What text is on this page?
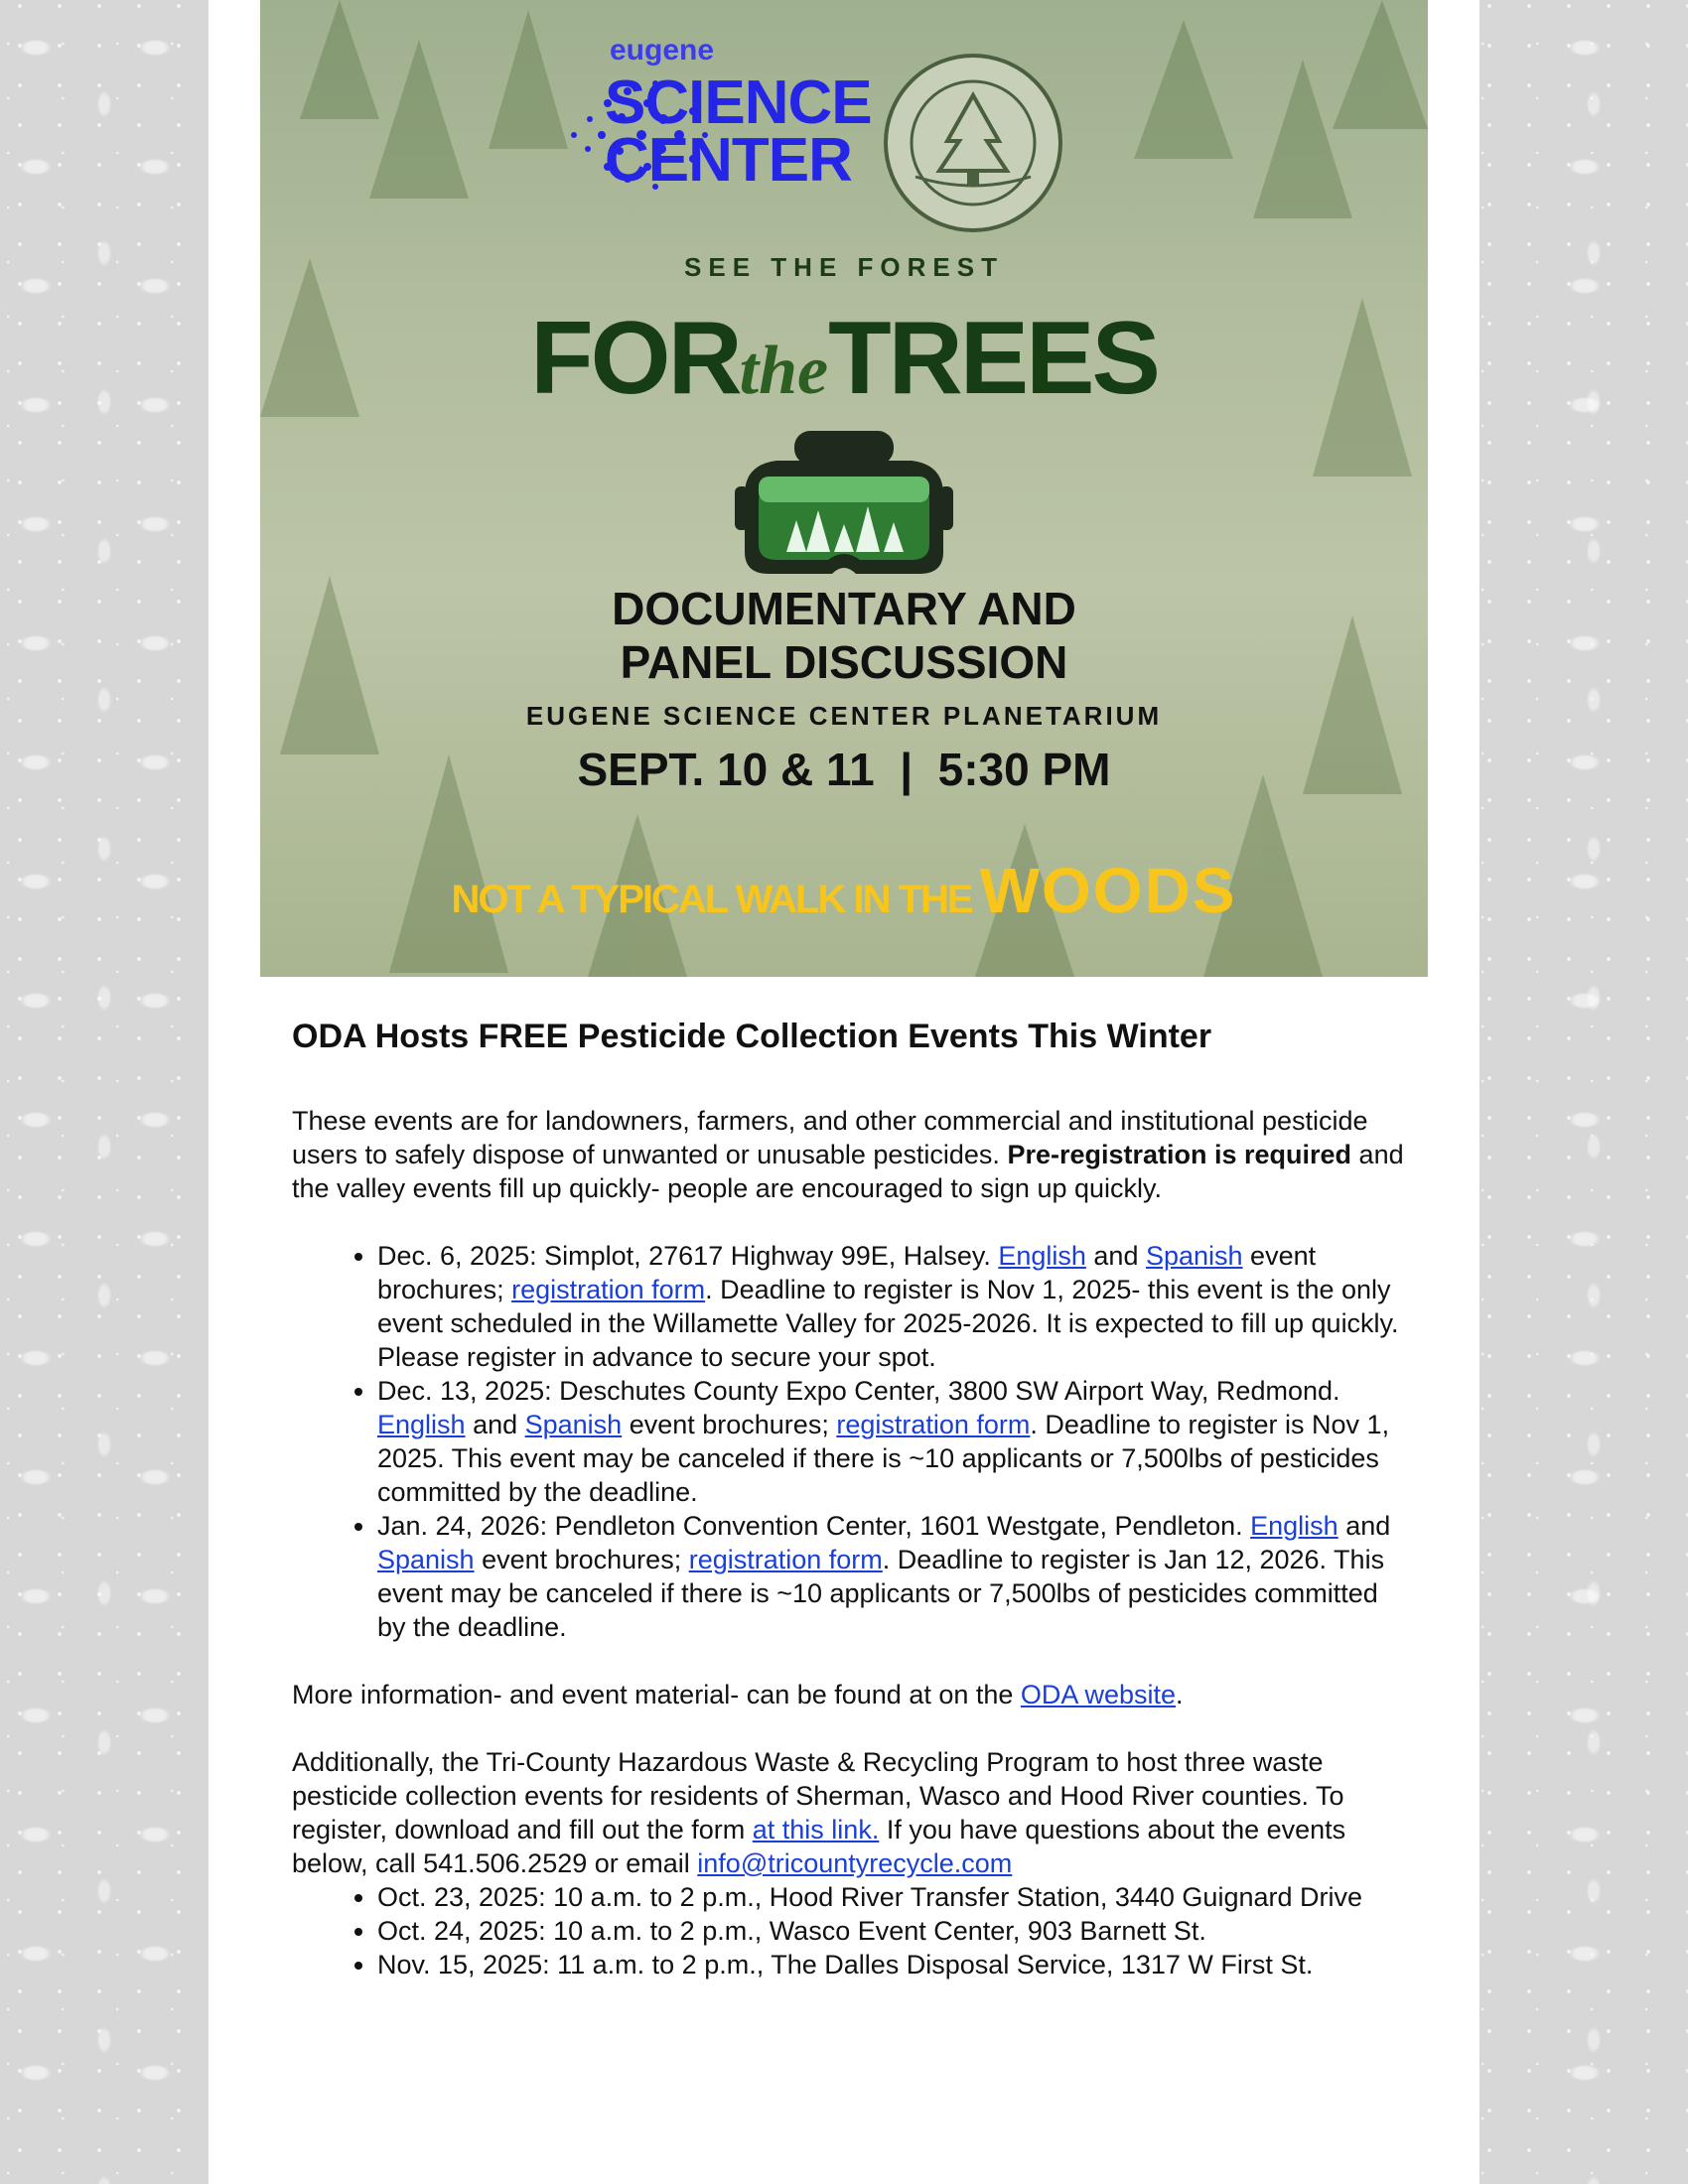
eugene
SCIENCE CENTER
SEE THE FOREST
FORtheTREES
DOCUMENTARY AND
PANEL DISCUSSION
EUGENE SCIENCE CENTER PLANETARIUM
SEPT. 10 & 11  |  5:30 PM
NOT A TYPICAL WALK IN THE WOODS
ODA Hosts FREE Pesticide Collection Events This Winter

These events are for landowners, farmers, and other commercial and institutional pesticide users to safely dispose of unwanted or unusable pesticides. Pre-registration is required and the valley events fill up quickly- people are encouraged to sign up quickly.

• Dec. 6, 2025: Simplot, 27617 Highway 99E, Halsey. English and Spanish event brochures; registration form. Deadline to register is Nov 1, 2025- this event is the only event scheduled in the Willamette Valley for 2025-2026. It is expected to fill up quickly. Please register in advance to secure your spot.
• Dec. 13, 2025: Deschutes County Expo Center, 3800 SW Airport Way, Redmond. English and Spanish event brochures; registration form. Deadline to register is Nov 1, 2025. This event may be canceled if there is ~10 applicants or 7,500lbs of pesticides committed by the deadline.
• Jan. 24, 2026: Pendleton Convention Center, 1601 Westgate, Pendleton. English and Spanish event brochures; registration form. Deadline to register is Jan 12, 2026. This event may be canceled if there is ~10 applicants or 7,500lbs of pesticides committed by the deadline.

More information- and event material- can be found at on the ODA website.

Additionally, the Tri-County Hazardous Waste & Recycling Program to host three waste pesticide collection events for residents of Sherman, Wasco and Hood River counties. To register, download and fill out the form at this link. If you have questions about the events below, call 541.506.2529 or email info@tricountyrecycle.com

• Oct. 23, 2025: 10 a.m. to 2 p.m., Hood River Transfer Station, 3440 Guignard Drive
• Oct. 24, 2025: 10 a.m. to 2 p.m., Wasco Event Center, 903 Barnett St.
• Nov. 15, 2025: 11 a.m. to 2 p.m., The Dalles Disposal Service, 1317 W First St.
